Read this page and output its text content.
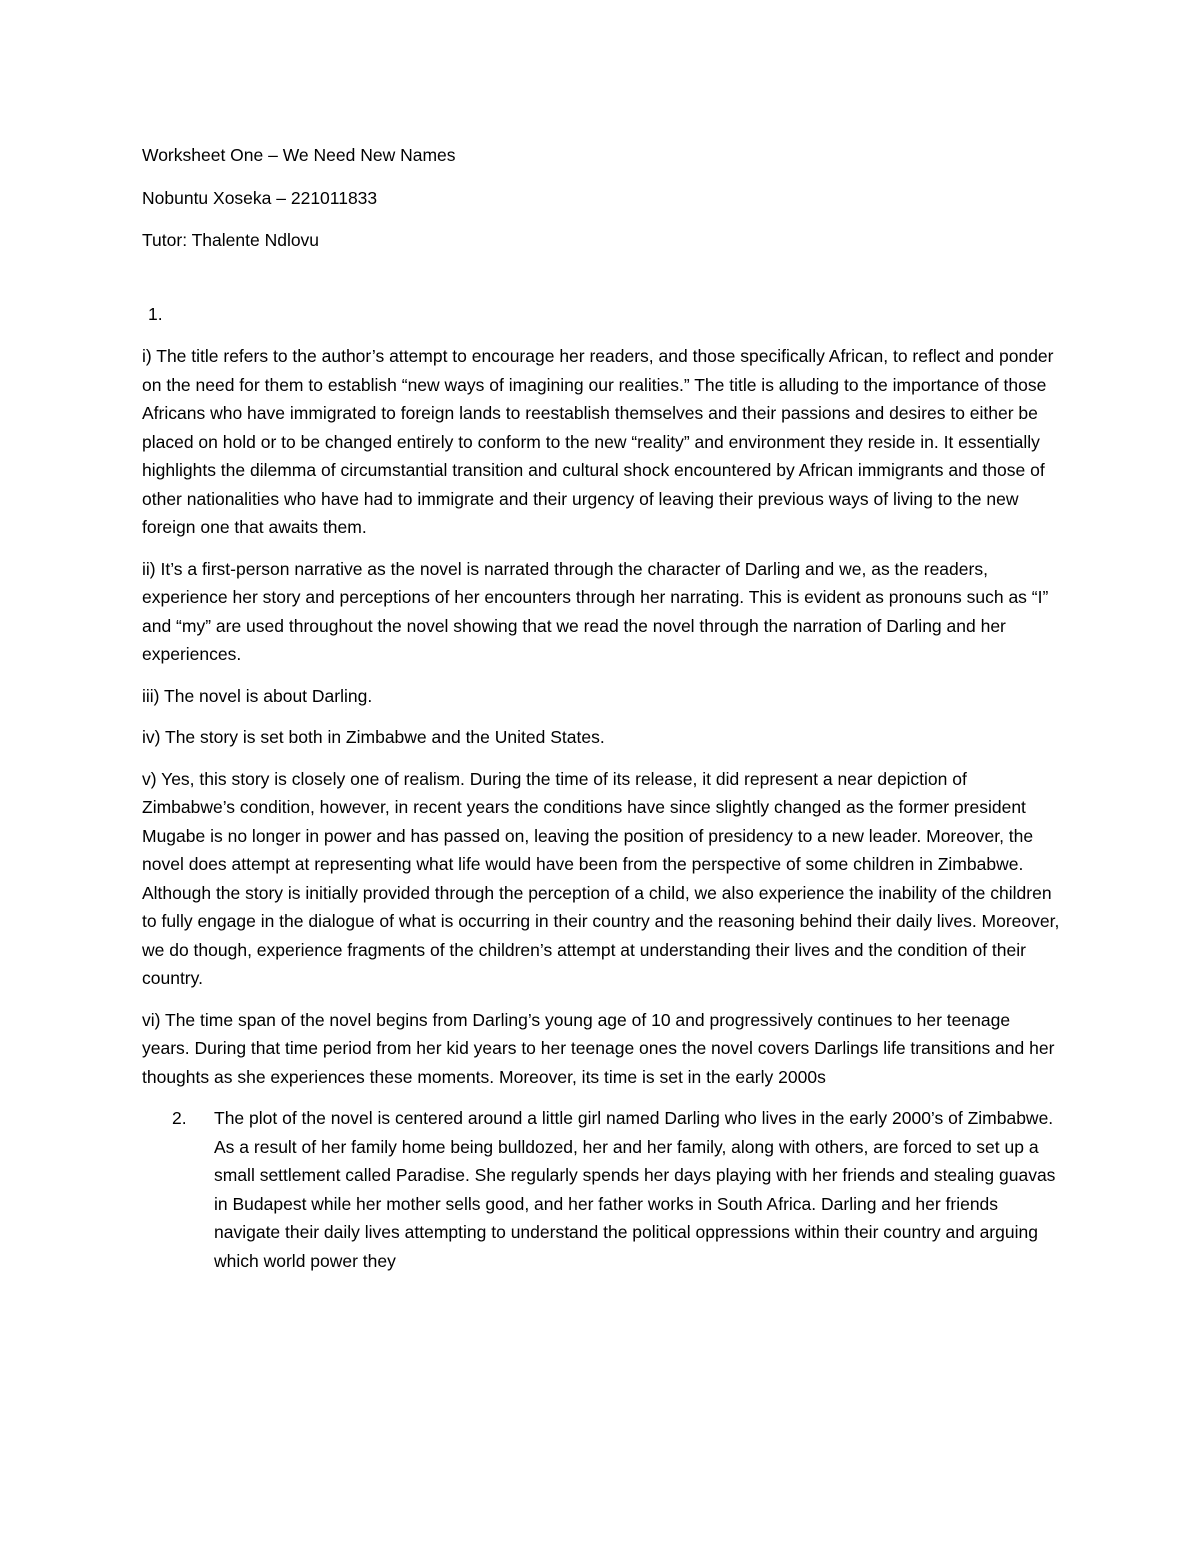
Worksheet One – We Need New Names

Nobuntu Xoseka – 221011833

Tutor: Thalente Ndlovu

1.

i) The title refers to the author’s attempt to encourage her readers, and those specifically African, to reflect and ponder on the need for them to establish “new ways of imagining our realities.” The title is alluding to the importance of those Africans who have immigrated to foreign lands to reestablish themselves and their passions and desires to either be placed on hold or to be changed entirely to conform to the new “reality” and environment they reside in. It essentially highlights the dilemma of circumstantial transition and cultural shock encountered by African immigrants and those of other nationalities who have had to immigrate and their urgency of leaving their previous ways of living to the new foreign one that awaits them.

ii) It’s a first-person narrative as the novel is narrated through the character of Darling and we, as the readers, experience her story and perceptions of her encounters through her narrating. This is evident as pronouns such as “I” and “my” are used throughout the novel showing that we read the novel through the narration of Darling and her experiences.

iii) The novel is about Darling.

iv) The story is set both in Zimbabwe and the United States.

v) Yes, this story is closely one of realism. During the time of its release, it did represent a near depiction of Zimbabwe’s condition, however, in recent years the conditions have since slightly changed as the former president Mugabe is no longer in power and has passed on, leaving the position of presidency to a new leader. Moreover, the novel does attempt at representing what life would have been from the perspective of some children in Zimbabwe. Although the story is initially provided through the perception of a child, we also experience the inability of the children to fully engage in the dialogue of what is occurring in their country and the reasoning behind their daily lives. Moreover, we do though, experience fragments of the children’s attempt at understanding their lives and the condition of their country.

vi) The time span of the novel begins from Darling’s young age of 10 and progressively continues to her teenage years. During that time period from her kid years to her teenage ones the novel covers Darlings life transitions and her thoughts as she experiences these moments. Moreover, its time is set in the early 2000s

2. The plot of the novel is centered around a little girl named Darling who lives in the early 2000’s of Zimbabwe. As a result of her family home being bulldozed, her and her family, along with others, are forced to set up a small settlement called Paradise. She regularly spends her days playing with her friends and stealing guavas in Budapest while her mother sells good, and her father works in South Africa. Darling and her friends navigate their daily lives attempting to understand the political oppressions within their country and arguing which world power they
